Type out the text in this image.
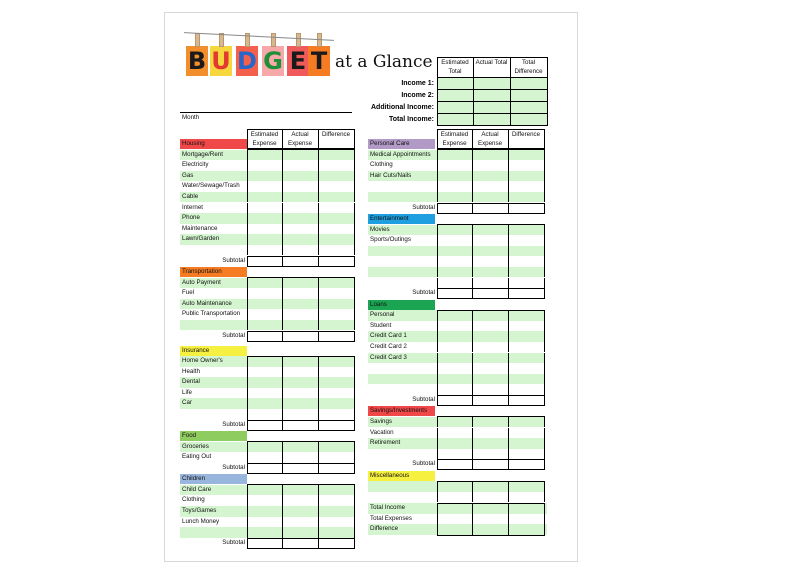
B U D G E T at a Glance
Month
Estimated Total
Actual Total	Total Difference
Income 1:
Income 2:
Additional Income:
Total Income:
Estimated Expense
Actual Expense
Difference
Housing
Mortgage/Rent
Electricity
Gas
Water/Sewage/Trash
Cable
Internet
Phone
Maintenance
Lawn/Garden
Subtotal
Transportation
Auto Payment
Fuel
Auto Maintenance
Public Transportation
Subtotal
Insurance
Home Owner's
Health
Dental
Life
Car
Subtotal
Food
Groceries
Eating Out
Subtotal
Children
Child Care
Clothing
Toys/Games
Lunch Money
Subtotal
Estimated Expense
Actual Expense
Difference
Personal Care
Medical Appointments
Clothing
Hair Cuts/Nails
Subtotal
Entertainment
Movies
Sports/Outings
Subtotal
Loans
Personal
Student
Credit Card 1
Credit Card 2
Credit Card 3
Subtotal
Savings/Investments
Savings
Vacation
Retirement
Subtotal
Miscellaneous
Total Income
Total Expenses
Difference
